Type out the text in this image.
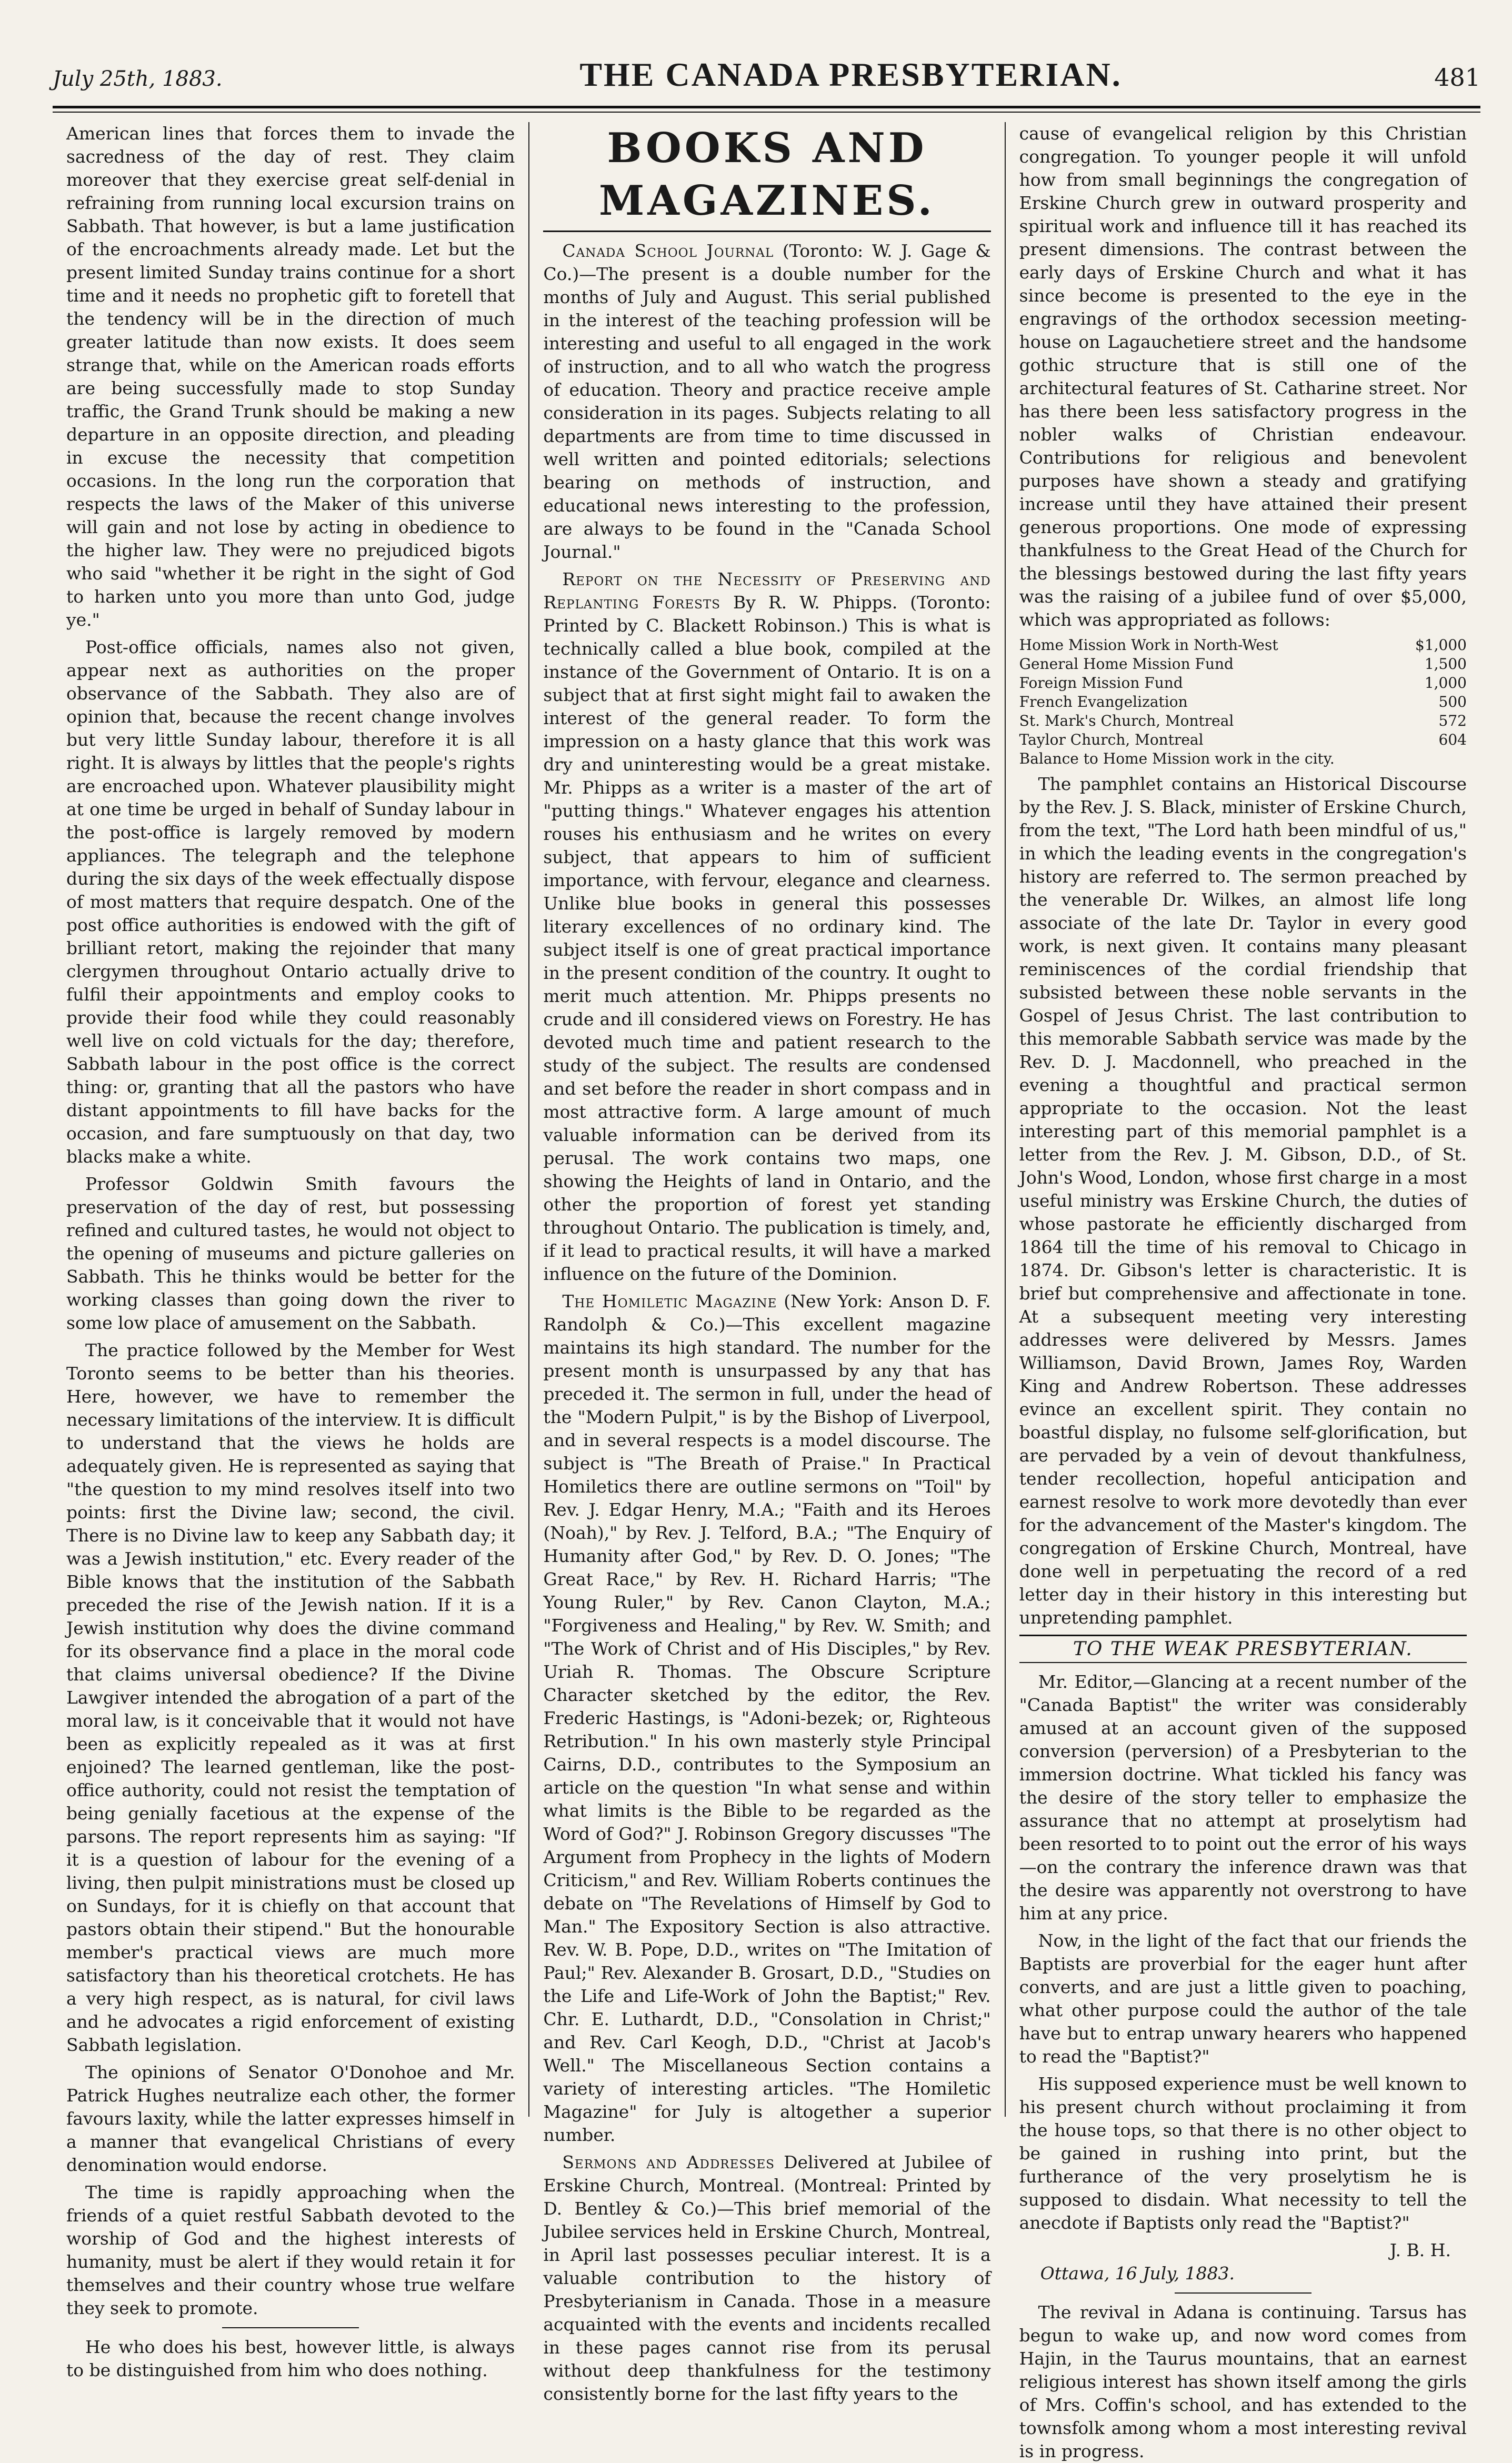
July 25th, 1883.	THE CANADA PRESBYTERIAN.	481

American lines that forces them to invade the sacredness of the day of rest. They claim moreover that they exercise great self-denial in refraining from running local excursion trains on Sabbath. That however, is but a lame justification of the encroachments already made. Let but the present limited Sunday trains continue for a short time and it needs no prophetic gift to foretell that the tendency will be in the direction of much greater latitude than now exists. It does seem strange that, while on the American roads efforts are being successfully made to stop Sunday traffic, the Grand Trunk should be making a new departure in an opposite direction, and pleading in excuse the necessity that competition occasions. In the long run the corporation that respects the laws of the Maker of this universe will gain and not lose by acting in obedience to the higher law. They were no prejudiced bigots who said "whether it be right in the sight of God to harken unto you more than unto God, judge ye."

Post-office officials, names also not given, appear next as authorities on the proper observance of the Sabbath. They also are of opinion that, because the recent change involves but very little Sunday labour, therefore it is all right. It is always by littles that the people's rights are encroached upon. Whatever plausibility might at one time be urged in behalf of Sunday labour in the post-office is largely removed by modern appliances. The telegraph and the telephone during the six days of the week effectually dispose of most matters that require despatch. One of the post office authorities is endowed with the gift of brilliant retort, making the rejoinder that many clergymen throughout Ontario actually drive to fulfil their appointments and employ cooks to provide their food while they could reasonably well live on cold victuals for the day; therefore, Sabbath labour in the post office is the correct thing: or, granting that all the pastors who have distant appointments to fill have backs for the occasion, and fare sumptuously on that day, two blacks make a white.

Professor Goldwin Smith favours the preservation of the day of rest, but possessing refined and cultured tastes, he would not object to the opening of museums and picture galleries on Sabbath. This he thinks would be better for the working classes than going down the river to some low place of amusement on the Sabbath.

The practice followed by the Member for West Toronto seems to be better than his theories. Here, however, we have to remember the necessary limitations of the interview. It is difficult to understand that the views he holds are adequately given. He is represented as saying that "the question to my mind resolves itself into two points: first the Divine law; second, the civil. There is no Divine law to keep any Sabbath day; it was a Jewish institution," etc. Every reader of the Bible knows that the institution of the Sabbath preceded the rise of the Jewish nation. If it is a Jewish institution why does the divine command for its observance find a place in the moral code that claims universal obedience? If the Divine Lawgiver intended the abrogation of a part of the moral law, is it conceivable that it would not have been as explicitly repealed as it was at first enjoined? The learned gentleman, like the post-office authority, could not resist the temptation of being genially facetious at the expense of the parsons. The report represents him as saying: "If it is a question of labour for the evening of a living, then pulpit ministrations must be closed up on Sundays, for it is chiefly on that account that pastors obtain their stipend." But the honourable member's practical views are much more satisfactory than his theoretical crotchets. He has a very high respect, as is natural, for civil laws and he advocates a rigid enforcement of existing Sabbath legislation.

The opinions of Senator O'Donohoe and Mr. Patrick Hughes neutralize each other, the former favours laxity, while the latter expresses himself in a manner that evangelical Christians of every denomination would endorse.

The time is rapidly approaching when the friends of a quiet restful Sabbath devoted to the worship of God and the highest interests of humanity, must be alert if they would retain it for themselves and their country whose true welfare they seek to promote.

He who does his best, however little, is always to be distinguished from him who does nothing.

BOOKS AND MAGAZINES.

Canada School Journal (Toronto: W. J. Gage & Co.)—The present is a double number for the months of July and August. This serial published in the interest of the teaching profession will be interesting and useful to all engaged in the work of instruction, and to all who watch the progress of education. Theory and practice receive ample consideration in its pages. Subjects relating to all departments are from time to time discussed in well written and pointed editorials; selections bearing on methods of instruction, and educational news interesting to the profession, are always to be found in the "Canada School Journal."

Report on the Necessity of Preserving and Replanting Forests By R. W. Phipps. (Toronto: Printed by C. Blackett Robinson.) This is what is technically called a blue book, compiled at the instance of the Government of Ontario. It is on a subject that at first sight might fail to awaken the interest of the general reader. To form the impression on a hasty glance that this work was dry and uninteresting would be a great mistake. Mr. Phipps as a writer is a master of the art of "putting things." Whatever engages his attention rouses his enthusiasm and he writes on every subject, that appears to him of sufficient importance, with fervour, elegance and clearness. Unlike blue books in general this possesses literary excellences of no ordinary kind. The subject itself is one of great practical importance in the present condition of the country. It ought to merit much attention. Mr. Phipps presents no crude and ill considered views on Forestry. He has devoted much time and patient research to the study of the subject. The results are condensed and set before the reader in short compass and in most attractive form. A large amount of much valuable information can be derived from its perusal. The work contains two maps, one showing the Heights of land in Ontario, and the other the proportion of forest yet standing throughout Ontario. The publication is timely, and, if it lead to practical results, it will have a marked influence on the future of the Dominion.

The Homiletic Magazine (New York: Anson D. F. Randolph & Co.)—This excellent magazine maintains its high standard. The number for the present month is unsurpassed by any that has preceded it. The sermon in full, under the head of the "Modern Pulpit," is by the Bishop of Liverpool, and in several respects is a model discourse. The subject is "The Breath of Praise." In Practical Homiletics there are outline sermons on "Toil" by Rev. J. Edgar Henry, M.A.; "Faith and its Heroes (Noah)," by Rev. J. Telford, B.A.; "The Enquiry of Humanity after God," by Rev. D. O. Jones; "The Great Race," by Rev. H. Richard Harris; "The Young Ruler," by Rev. Canon Clayton, M.A.; "Forgiveness and Healing," by Rev. W. Smith; and "The Work of Christ and of His Disciples," by Rev. Uriah R. Thomas. The Obscure Scripture Character sketched by the editor, the Rev. Frederic Hastings, is "Adoni-bezek; or, Righteous Retribution." In his own masterly style Principal Cairns, D.D., contributes to the Symposium an article on the question "In what sense and within what limits is the Bible to be regarded as the Word of God?" J. Robinson Gregory discusses "The Argument from Prophecy in the lights of Modern Criticism," and Rev. William Roberts continues the debate on "The Revelations of Himself by God to Man." The Expository Section is also attractive. Rev. W. B. Pope, D.D., writes on "The Imitation of Paul;" Rev. Alexander B. Grosart, D.D., "Studies on the Life and Life-Work of John the Baptist;" Rev. Chr. E. Luthardt, D.D., "Consolation in Christ;" and Rev. Carl Keogh, D.D., "Christ at Jacob's Well." The Miscellaneous Section contains a variety of interesting articles. "The Homiletic Magazine" for July is altogether a superior number.

Sermons and Addresses Delivered at Jubilee of Erskine Church, Montreal. (Montreal: Printed by D. Bentley & Co.)—This brief memorial of the Jubilee services held in Erskine Church, Montreal, in April last possesses peculiar interest. It is a valuable contribution to the history of Presbyterianism in Canada. Those in a measure acquainted with the events and incidents recalled in these pages cannot rise from its perusal without deep thankfulness for the testimony consistently borne for the last fifty years to the

cause of evangelical religion by this Christian congregation. To younger people it will unfold how from small beginnings the congregation of Erskine Church grew in outward prosperity and spiritual work and influence till it has reached its present dimensions. The contrast between the early days of Erskine Church and what it has since become is presented to the eye in the engravings of the orthodox secession meeting-house on Lagauchetiere street and the handsome gothic structure that is still one of the architectural features of St. Catharine street. Nor has there been less satisfactory progress in the nobler walks of Christian endeavour. Contributions for religious and benevolent purposes have shown a steady and gratifying increase until they have attained their present generous proportions. One mode of expressing thankfulness to the Great Head of the Church for the blessings bestowed during the last fifty years was the raising of a jubilee fund of over $5,000, which was appropriated as follows:

Home Mission Work in North-West	$1,000
General Home Mission Fund	1,500
Foreign Mission Fund	1,000
French Evangelization	500
St. Mark's Church, Montreal	572
Taylor Church, Montreal	604
Balance to Home Mission work in the city.	

The pamphlet contains an Historical Discourse by the Rev. J. S. Black, minister of Erskine Church, from the text, "The Lord hath been mindful of us," in which the leading events in the congregation's history are referred to. The sermon preached by the venerable Dr. Wilkes, an almost life long associate of the late Dr. Taylor in every good work, is next given. It contains many pleasant reminiscences of the cordial friendship that subsisted between these noble servants in the Gospel of Jesus Christ. The last contribution to this memorable Sabbath service was made by the Rev. D. J. Macdonnell, who preached in the evening a thoughtful and practical sermon appropriate to the occasion. Not the least interesting part of this memorial pamphlet is a letter from the Rev. J. M. Gibson, D.D., of St. John's Wood, London, whose first charge in a most useful ministry was Erskine Church, the duties of whose pastorate he efficiently discharged from 1864 till the time of his removal to Chicago in 1874. Dr. Gibson's letter is characteristic. It is brief but comprehensive and affectionate in tone. At a subsequent meeting very interesting addresses were delivered by Messrs. James Williamson, David Brown, James Roy, Warden King and Andrew Robertson. These addresses evince an excellent spirit. They contain no boastful display, no fulsome self-glorification, but are pervaded by a vein of devout thankfulness, tender recollection, hopeful anticipation and earnest resolve to work more devotedly than ever for the advancement of the Master's kingdom. The congregation of Erskine Church, Montreal, have done well in perpetuating the record of a red letter day in their history in this interesting but unpretending pamphlet.

TO THE WEAK PRESBYTERIAN.

Mr. Editor,—Glancing at a recent number of the "Canada Baptist" the writer was considerably amused at an account given of the supposed conversion (perversion) of a Presbyterian to the immersion doctrine. What tickled his fancy was the desire of the story teller to emphasize the assurance that no attempt at proselytism had been resorted to to point out the error of his ways—on the contrary the inference drawn was that the desire was apparently not overstrong to have him at any price.

Now, in the light of the fact that our friends the Baptists are proverbial for the eager hunt after converts, and are just a little given to poaching, what other purpose could the author of the tale have but to entrap unwary hearers who happened to read the "Baptist?"

His supposed experience must be well known to his present church without proclaiming it from the house tops, so that there is no other object to be gained in rushing into print, but the furtherance of the very proselytism he is supposed to disdain. What necessity to tell the anecdote if Baptists only read the "Baptist?"

J. B. H.
Ottawa, 16 July, 1883.

The revival in Adana is continuing. Tarsus has begun to wake up, and now word comes from Hajin, in the Taurus mountains, that an earnest religious interest has shown itself among the girls of Mrs. Coffin's school, and has extended to the townsfolk among whom a most interesting revival is in progress.
